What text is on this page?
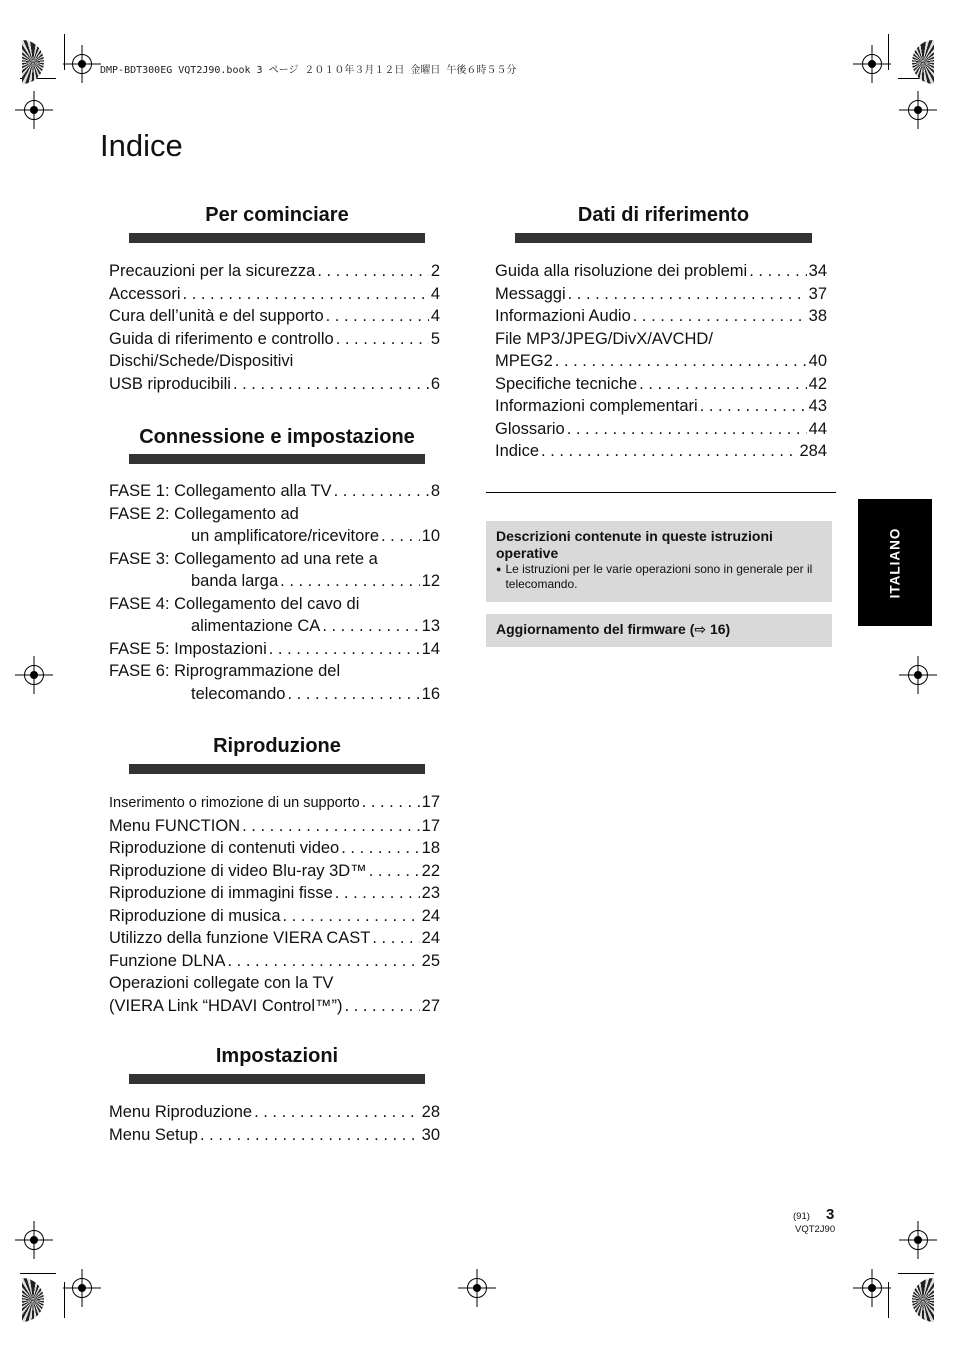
DMP-BDT300EG VQT2J90.book 3 ページ ２０１０年３月１２日 金曜日 午後６時５５分
Indice
Per cominciare
Precauzioni per la sicurezza . . .	2
Accessori . . .	4
Cura dell’unità e del supporto . . .	4
Guida di riferimento e controllo . . .	5
Dischi/Schede/Dispositivi
USB riproducibili . . .	6
Connessione e impostazione
FASE 1: Collegamento alla TV . . .	8
FASE 2: Collegamento ad
un amplificatore/ricevitore . . .	10
FASE 3: Collegamento ad una rete a
banda larga . . .	12
FASE 4: Collegamento del cavo di
alimentazione CA . . .	13
FASE 5: Impostazioni . . .	14
FASE 6: Riprogrammazione del
telecomando . . .	16
Riproduzione
Inserimento o rimozione di un supporto . . .	17
Menu FUNCTION . . .	17
Riproduzione di contenuti video . . .	18
Riproduzione di video Blu-ray 3D™ . . .	22
Riproduzione di immagini fisse . . .	23
Riproduzione di musica . . .	24
Utilizzo della funzione VIERA CAST . . .	24
Funzione DLNA . . .	25
Operazioni collegate con la TV
(VIERA Link “HDAVI Control™”) . . .	27
Impostazioni
Menu Riproduzione . . .	28
Menu Setup . . .	30
Dati di riferimento
Guida alla risoluzione dei problemi . . .	34
Messaggi . . .	37
Informazioni Audio . . .	38
File MP3/JPEG/DivX/AVCHD/
MPEG2 . . .	40
Specifiche tecniche . . .	42
Informazioni complementari . . .	43
Glossario . . .	44
Indice . . .	284
Descrizioni contenute in queste istruzioni operative
● Le istruzioni per le varie operazioni sono in generale per il telecomando.
Aggiornamento del firmware (⇨ 16)
ITALIANO
(91) 3
VQT2J90
